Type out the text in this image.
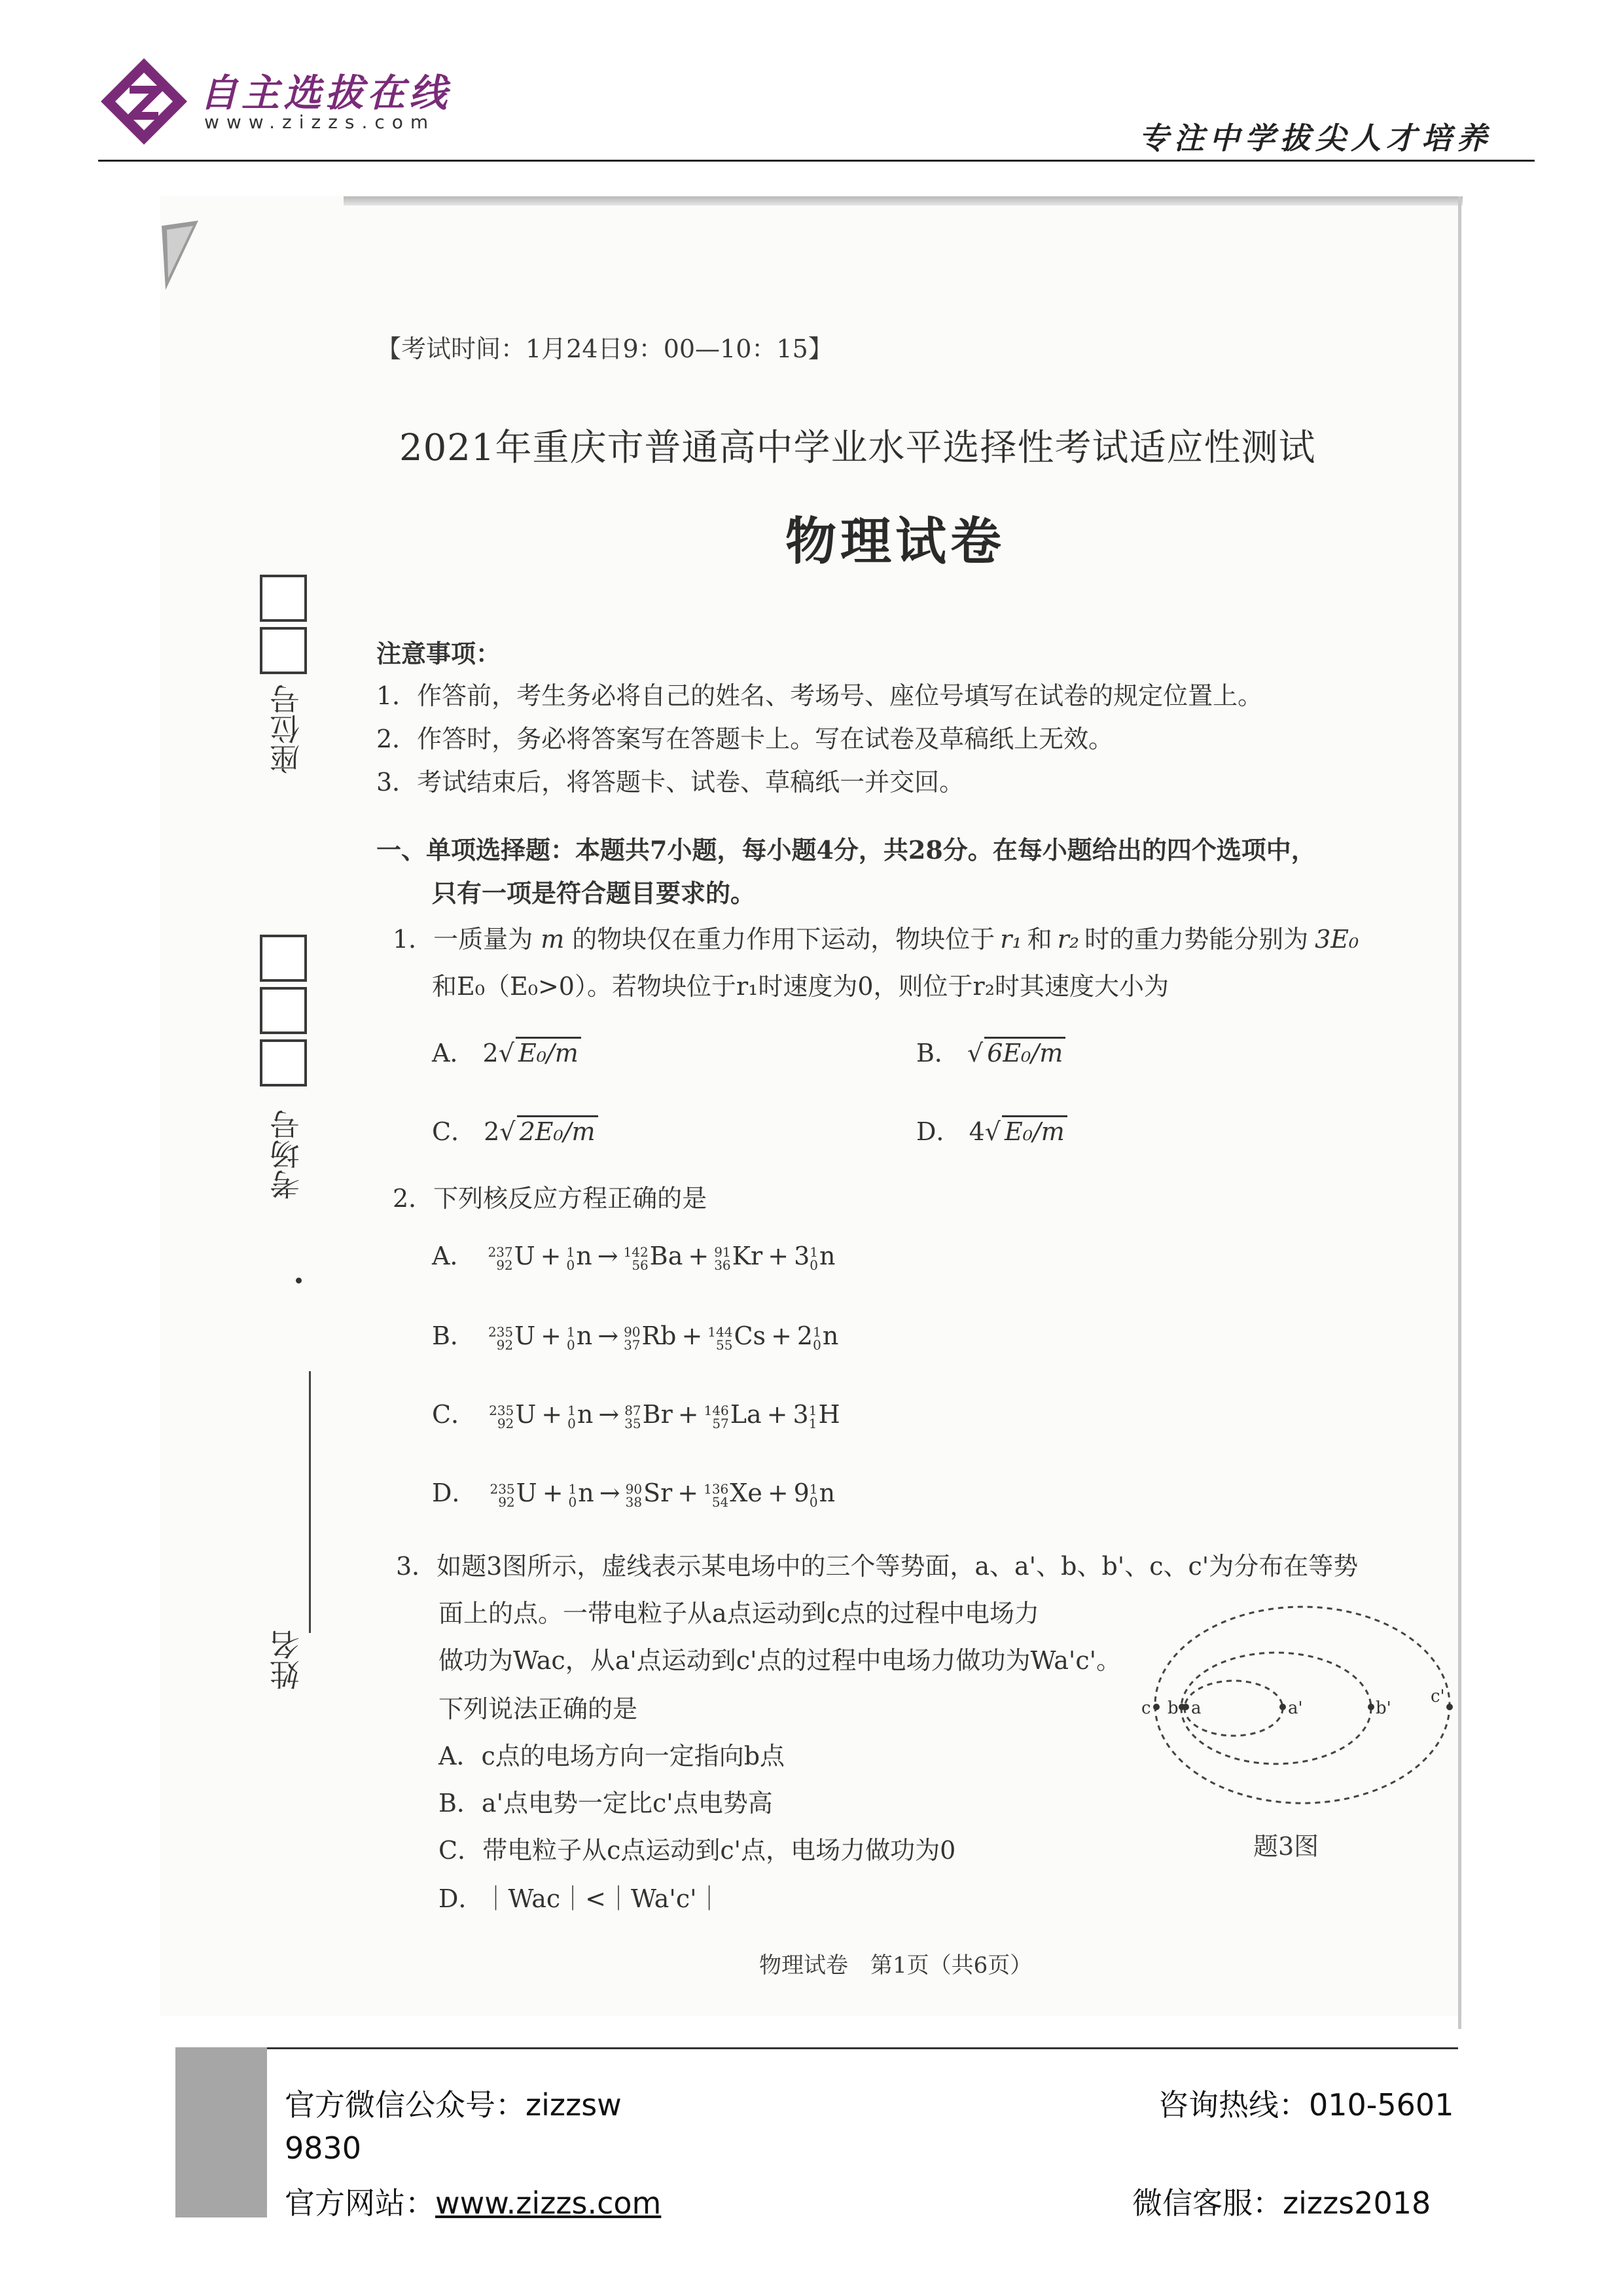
自主选拔在线
www.zizzs.com	专注中学拔尖人才培养
【考试时间：1月24日9：00—10：15】
2021年重庆市普通高中学业水平选择性考试适应性测试
物理试卷
座位号
考场号
姓名
注意事项：
1．作答前，考生务必将自己的姓名、考场号、座位号填写在试卷的规定位置上。
2．作答时，务必将答案写在答题卡上。写在试卷及草稿纸上无效。
3．考试结束后，将答题卡、试卷、草稿纸一并交回。
一、单项选择题：本题共7小题，每小题4分，共28分。在每小题给出的四个选项中，
只有一项是符合题目要求的。
1．一质量为 m 的物块仅在重力作用下运动，物块位于 r₁ 和 r₂ 时的重力势能分别为 3E₀
和E₀（E₀>0）。若物块位于r₁时速度为0，则位于r₂时其速度大小为
A． 2√ E₀/m	B． √ 6E₀/m
C． 2√ 2E₀/m	D． 4√ E₀/m
2．下列核反应方程正确的是
A． 237
92 U + 1
0 n → 142
56 Ba + 91
36 Kr + 3 1
0 n
B． 235
92 U + 1
0 n → 90
37 Rb + 144
55 Cs + 2 1
0 n
C． 235
92 U + 1
0 n → 87
35 Br + 146
57 La + 3 1
1 H
D． 235
92 U + 1
0 n → 90
38 Sr + 136
54 Xe + 9 1
0 n
3．如题3图所示，虚线表示某电场中的三个等势面，a、a'、b、b'、c、c'为分布在等势
面上的点。一带电粒子从a点运动到c点的过程中电场力
做功为Wac，从a'点运动到c'点的过程中电场力做功为Wa'c'。
下列说法正确的是
A．c点的电场方向一定指向b点
B．a'点电势一定比c'点电势高
C．带电粒子从c点运动到c'点，电场力做功为0
D．｜Wac｜<｜Wa'c'｜
c b a	a'	b'
c'
题3图
物理试卷　第1页（共6页）
官方微信公众号：zizzsw
9830
官方网站：www.zizzs.com
咨询热线：010-5601
微信客服：zizzs2018
